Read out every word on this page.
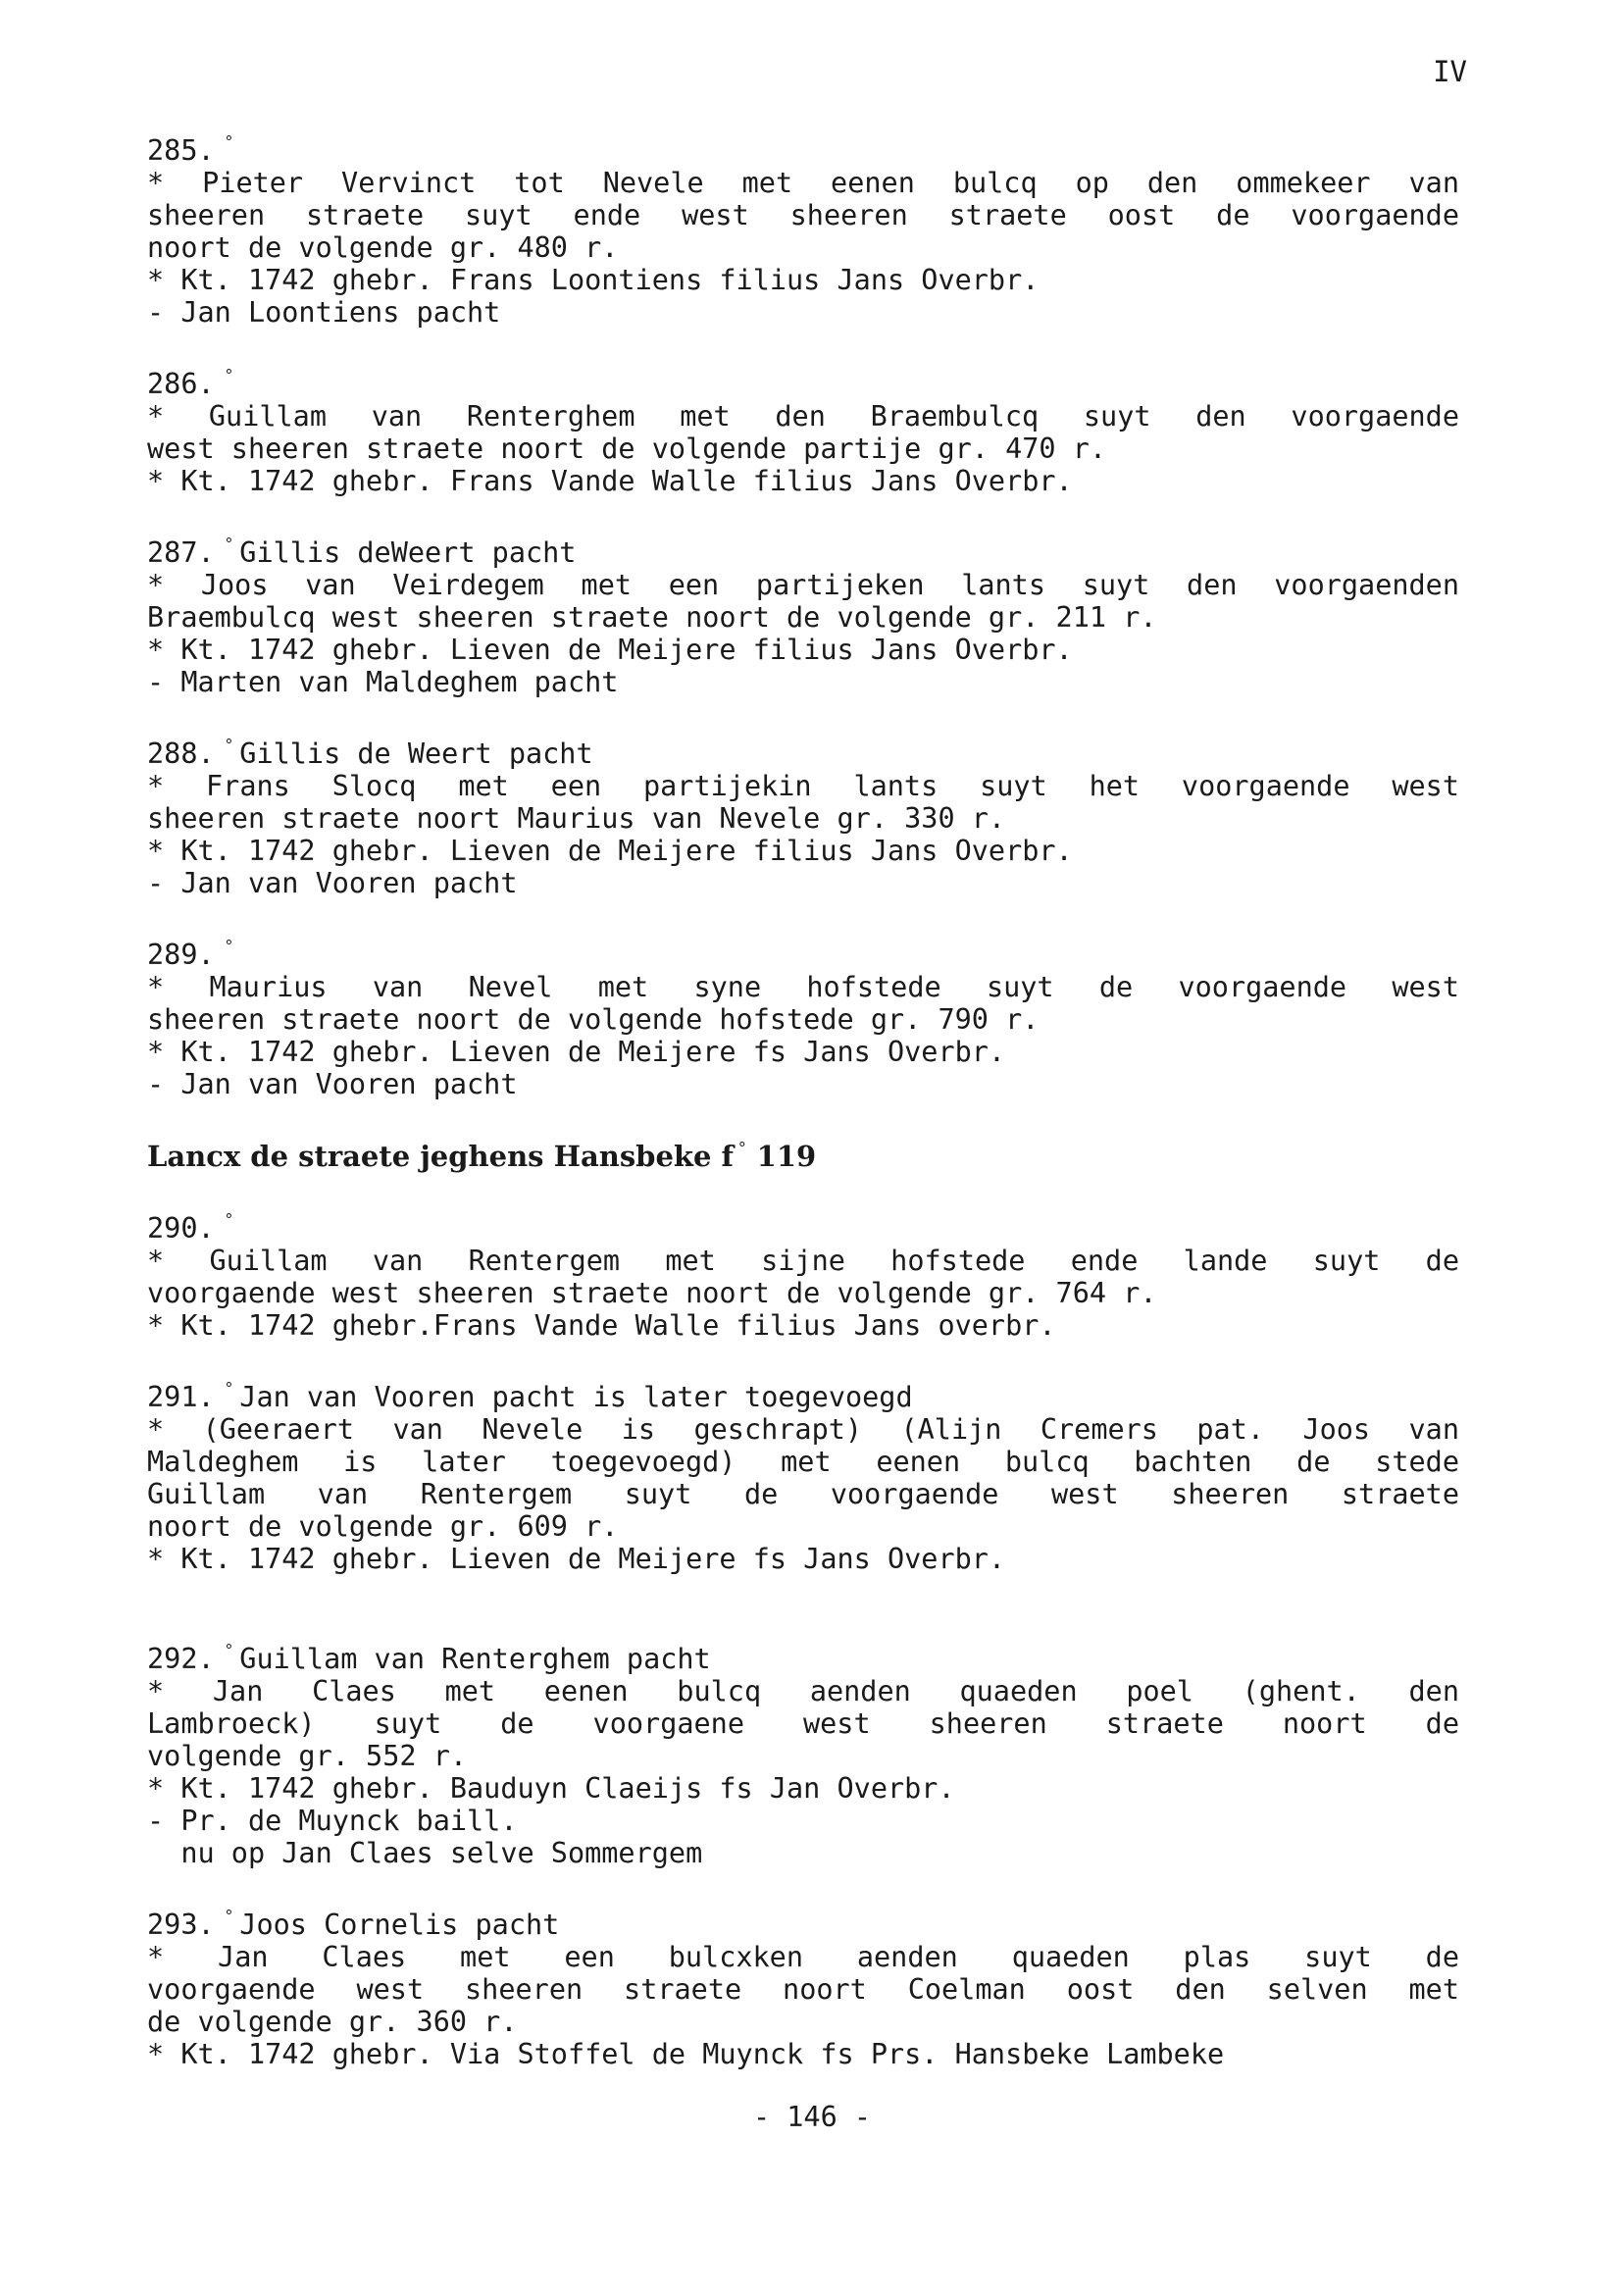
IV
285. °
* Pieter Vervinct tot Nevele met eenen bulcq op den ommekeer van
sheeren straete suyt ende west sheeren straete oost de voorgaende
noort de volgende gr. 480 r.
* Kt. 1742 ghebr. Frans Loontiens filius Jans Overbr.
- Jan Loontiens pacht
286. °
* Guillam van Renterghem met den Braembulcq suyt den voorgaende
west sheeren straete noort de volgende partije gr. 470 r.
* Kt. 1742 ghebr. Frans Vande Walle filius Jans Overbr.
287. ° Gillis deWeert pacht
* Joos van Veirdegem met een partijeken lants suyt den voorgaenden
Braembulcq west sheeren straete noort de volgende gr. 211 r.
* Kt. 1742 ghebr. Lieven de Meijere filius Jans Overbr.
- Marten van Maldeghem pacht
288. ° Gillis de Weert pacht
* Frans Slocq met een partijekin lants suyt het voorgaende west
sheeren straete noort Maurius van Nevele gr. 330 r.
* Kt. 1742 ghebr. Lieven de Meijere filius Jans Overbr.
- Jan van Vooren pacht
289. °
* Maurius van Nevel met syne hofstede suyt de voorgaende west
sheeren straete noort de volgende hofstede gr. 790 r.
* Kt. 1742 ghebr. Lieven de Meijere fs Jans Overbr.
- Jan van Vooren pacht
Lancx de straete jeghens Hansbeke f ° 119
290. °
* Guillam van Rentergem met sijne hofstede ende lande suyt de
voorgaende west sheeren straete noort de volgende gr. 764 r.
* Kt. 1742 ghebr.Frans Vande Walle filius Jans overbr.
291. ° Jan van Vooren pacht is later toegevoegd
* (Geeraert van Nevele is geschrapt) (Alijn Cremers pat. Joos van
Maldeghem is later toegevoegd) met eenen bulcq bachten de stede
Guillam van Rentergem suyt de voorgaende west sheeren straete
noort de volgende gr. 609 r.
* Kt. 1742 ghebr. Lieven de Meijere fs Jans Overbr.
292. ° Guillam van Renterghem pacht
* Jan Claes met eenen bulcq aenden quaeden poel (ghent. den
Lambroeck) suyt de voorgaene west sheeren straete noort de
volgende gr. 552 r.
* Kt. 1742 ghebr. Bauduyn Claeijs fs Jan Overbr.
- Pr. de Muynck baill.
nu op Jan Claes selve Sommergem
293. ° Joos Cornelis pacht
* Jan Claes met een bulcxken aenden quaeden plas suyt de
voorgaende west sheeren straete noort Coelman oost den selven met
de volgende gr. 360 r.
* Kt. 1742 ghebr. Via Stoffel de Muynck fs Prs. Hansbeke Lambeke
- 146 -
